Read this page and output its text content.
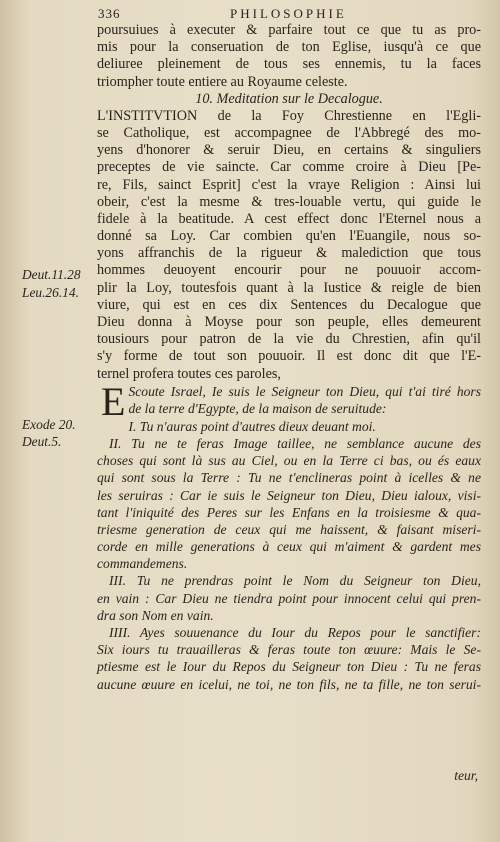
336	PHILOSOPHIE
Deut.11.28
Leu.26.14.
Exode 20.
Deut.5.
poursuiues à executer & parfaire tout ce que tu as pro-
mis pour la conseruation de ton Eglise, iusqu'à ce que
deliuree pleinement de tous ses ennemis, tu la faces
triompher toute entiere au Royaume celeste.
10. Meditation sur le Decalogue.
L'INSTITVTION de la Foy Chrestienne en l'Egli-
se Catholique, est accompagnee de l'Abbregé des mo-
yens d'honorer & seruir Dieu, en certains & singuliers
preceptes de vie saincte. Car comme croire à Dieu [Pe-
re, Fils, sainct Esprit] c'est la vraye Religion : Ainsi lui
obeir, c'est la mesme & tres-louable vertu, qui guide le
fidele à la beatitude. A cest effect donc l'Eternel nous a
donné sa Loy. Car combien qu'en l'Euangile, nous so-
yons affranchis de la rigueur & malediction que tous
hommes deuoyent encourir pour ne pouuoir accom-
plir la Loy, toutesfois quant à la Iustice & reigle de bien
viure, qui est en ces dix Sentences du Decalogue que
Dieu donna à Moyse pour son peuple, elles demeurent
tousiours pour patron de la vie du Chrestien, afin qu'il
s'y forme de tout son pouuoir. Il est donc dit que l'E-
ternel profera toutes ces paroles,
E Scoute Israel, Ie suis le Seigneur ton Dieu, qui t'ai tiré hors
de la terre d'Egypte, de la maison de seruitude:
I. Tu n'auras point d'autres dieux deuant moi.
II. Tu ne te feras Image taillee, ne semblance aucune des
choses qui sont là sus au Ciel, ou en la Terre ci bas, ou és eaux
qui sont sous la Terre : Tu ne t'enclineras point à icelles & ne
les seruiras : Car ie suis le Seigneur ton Dieu, Dieu ialoux, visi-
tant l'iniquité des Peres sur les Enfans en la troisiesme & qua-
triesme generation de ceux qui me haissent, & faisant miseri-
corde en mille generations à ceux qui m'aiment & gardent mes
commandemens.
III. Tu ne prendras point le Nom du Seigneur ton Dieu,
en vain : Car Dieu ne tiendra point pour innocent celui qui pren-
dra son Nom en vain.
IIII. Ayes souuenance du Iour du Repos pour le sanctifier:
Six iours tu trauailleras & feras toute ton œuure: Mais le Se-
ptiesme est le Iour du Repos du Seigneur ton Dieu : Tu ne feras
aucune œuure en icelui, ne toi, ne ton fils, ne ta fille, ne ton serui-
teur,
